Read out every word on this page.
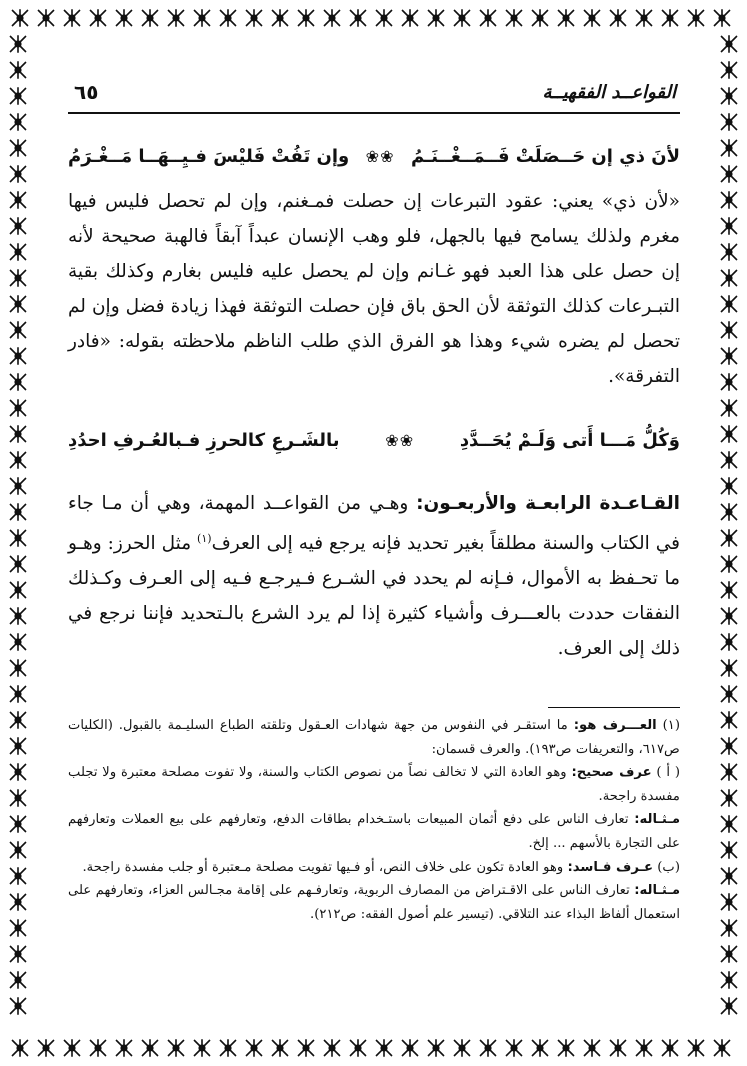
القواعــد الفقهيــة
٦٥
لأنَ ذي إن حَــصَلَتْ فَــمَــغْــنَـمُ
❀❀
وإن تَفُتْ فَليْسَ فـيِــهَــا مَــغْـرَمُ
«لأن ذي» يعني: عقود التبرعات إن حصلت فمـغنم، وإن لم تحصل فليس فيها مغرم ولذلك يسامح فيها بالجهل، فلو وهب الإنسان عبداً آبقاً فالهبة صحيحة لأنه إن حصل على هذا العبد فهو غـانم وإن لم يحصل عليه فليس بغارم وكذلك بقية التبـرعات كذلك التوثقة لأن الحق باق فإن حصلت التوثقة فهذا زيادة فضل وإن لم تحصل لم يضره شيء وهذا هو الفرق الذي طلب الناظم ملاحظته بقوله: «فادر التفرقة».
وَكُلُّ مَـــا أَتى وَلَـمْ يُحَــدَّدِ
❀❀
بالشَـرعِ كالحرزِ فـبالعُـرفِ احدُدِ
القـاعـدة الرابعـة والأربعـون: وهـي من القواعــد المهمة، وهي أن مـا جاء في الكتاب والسنة مطلقاً بغير تحديد فإنه يرجع فيه إلى العرف$^{(١)}$ مثل الحرز: وهـو ما تحـفظ به الأموال، فـإنه لم يحدد في الشـرع فـيرجـع فـيه إلى العـرف وكـذلك النفقات حددت بالعـــرف وأشياء كثيرة إذا لم يرد الشرع بالـتحديد فإننا نرجع في ذلك إلى العرف.

(١) العـــرف هو: ما استقـر في النفوس من جهة شهادات العـقول وتلقته الطباع السليـمة بالقبول. (الكليات ص٦١٧، والتعريفات ص١٩٣). والعرف قسمان:

( أ ) عرف صحيح: وهو العادة التي لا تخالف نصاً من نصوص الكتاب والسنة، ولا تفوت مصلحة معتبرة ولا تجلب مفسدة راجحة.

مـثـاله: تعارف الناس على دفع أثمان المبيعات باستـخدام بطاقات الدفع، وتعارفهم على بيع العملات وتعارفهم على التجارة بالأسهم ... إلخ.

(ب) عـرف فـاسد: وهو العادة تكون على خلاف النص، أو فـيها تفويت مصلحة مـعتبرة أو جلب مفسدة راجحة.

مـثـاله: تعارف الناس على الاقـتراض من المصارف الربوية، وتعارفـهم على إقامة مجـالس العزاء، وتعارفهم على استعمال ألفاظ البذاء عند التلاقي. (تيسير علم أصول الفقه: ص٢١٢).
